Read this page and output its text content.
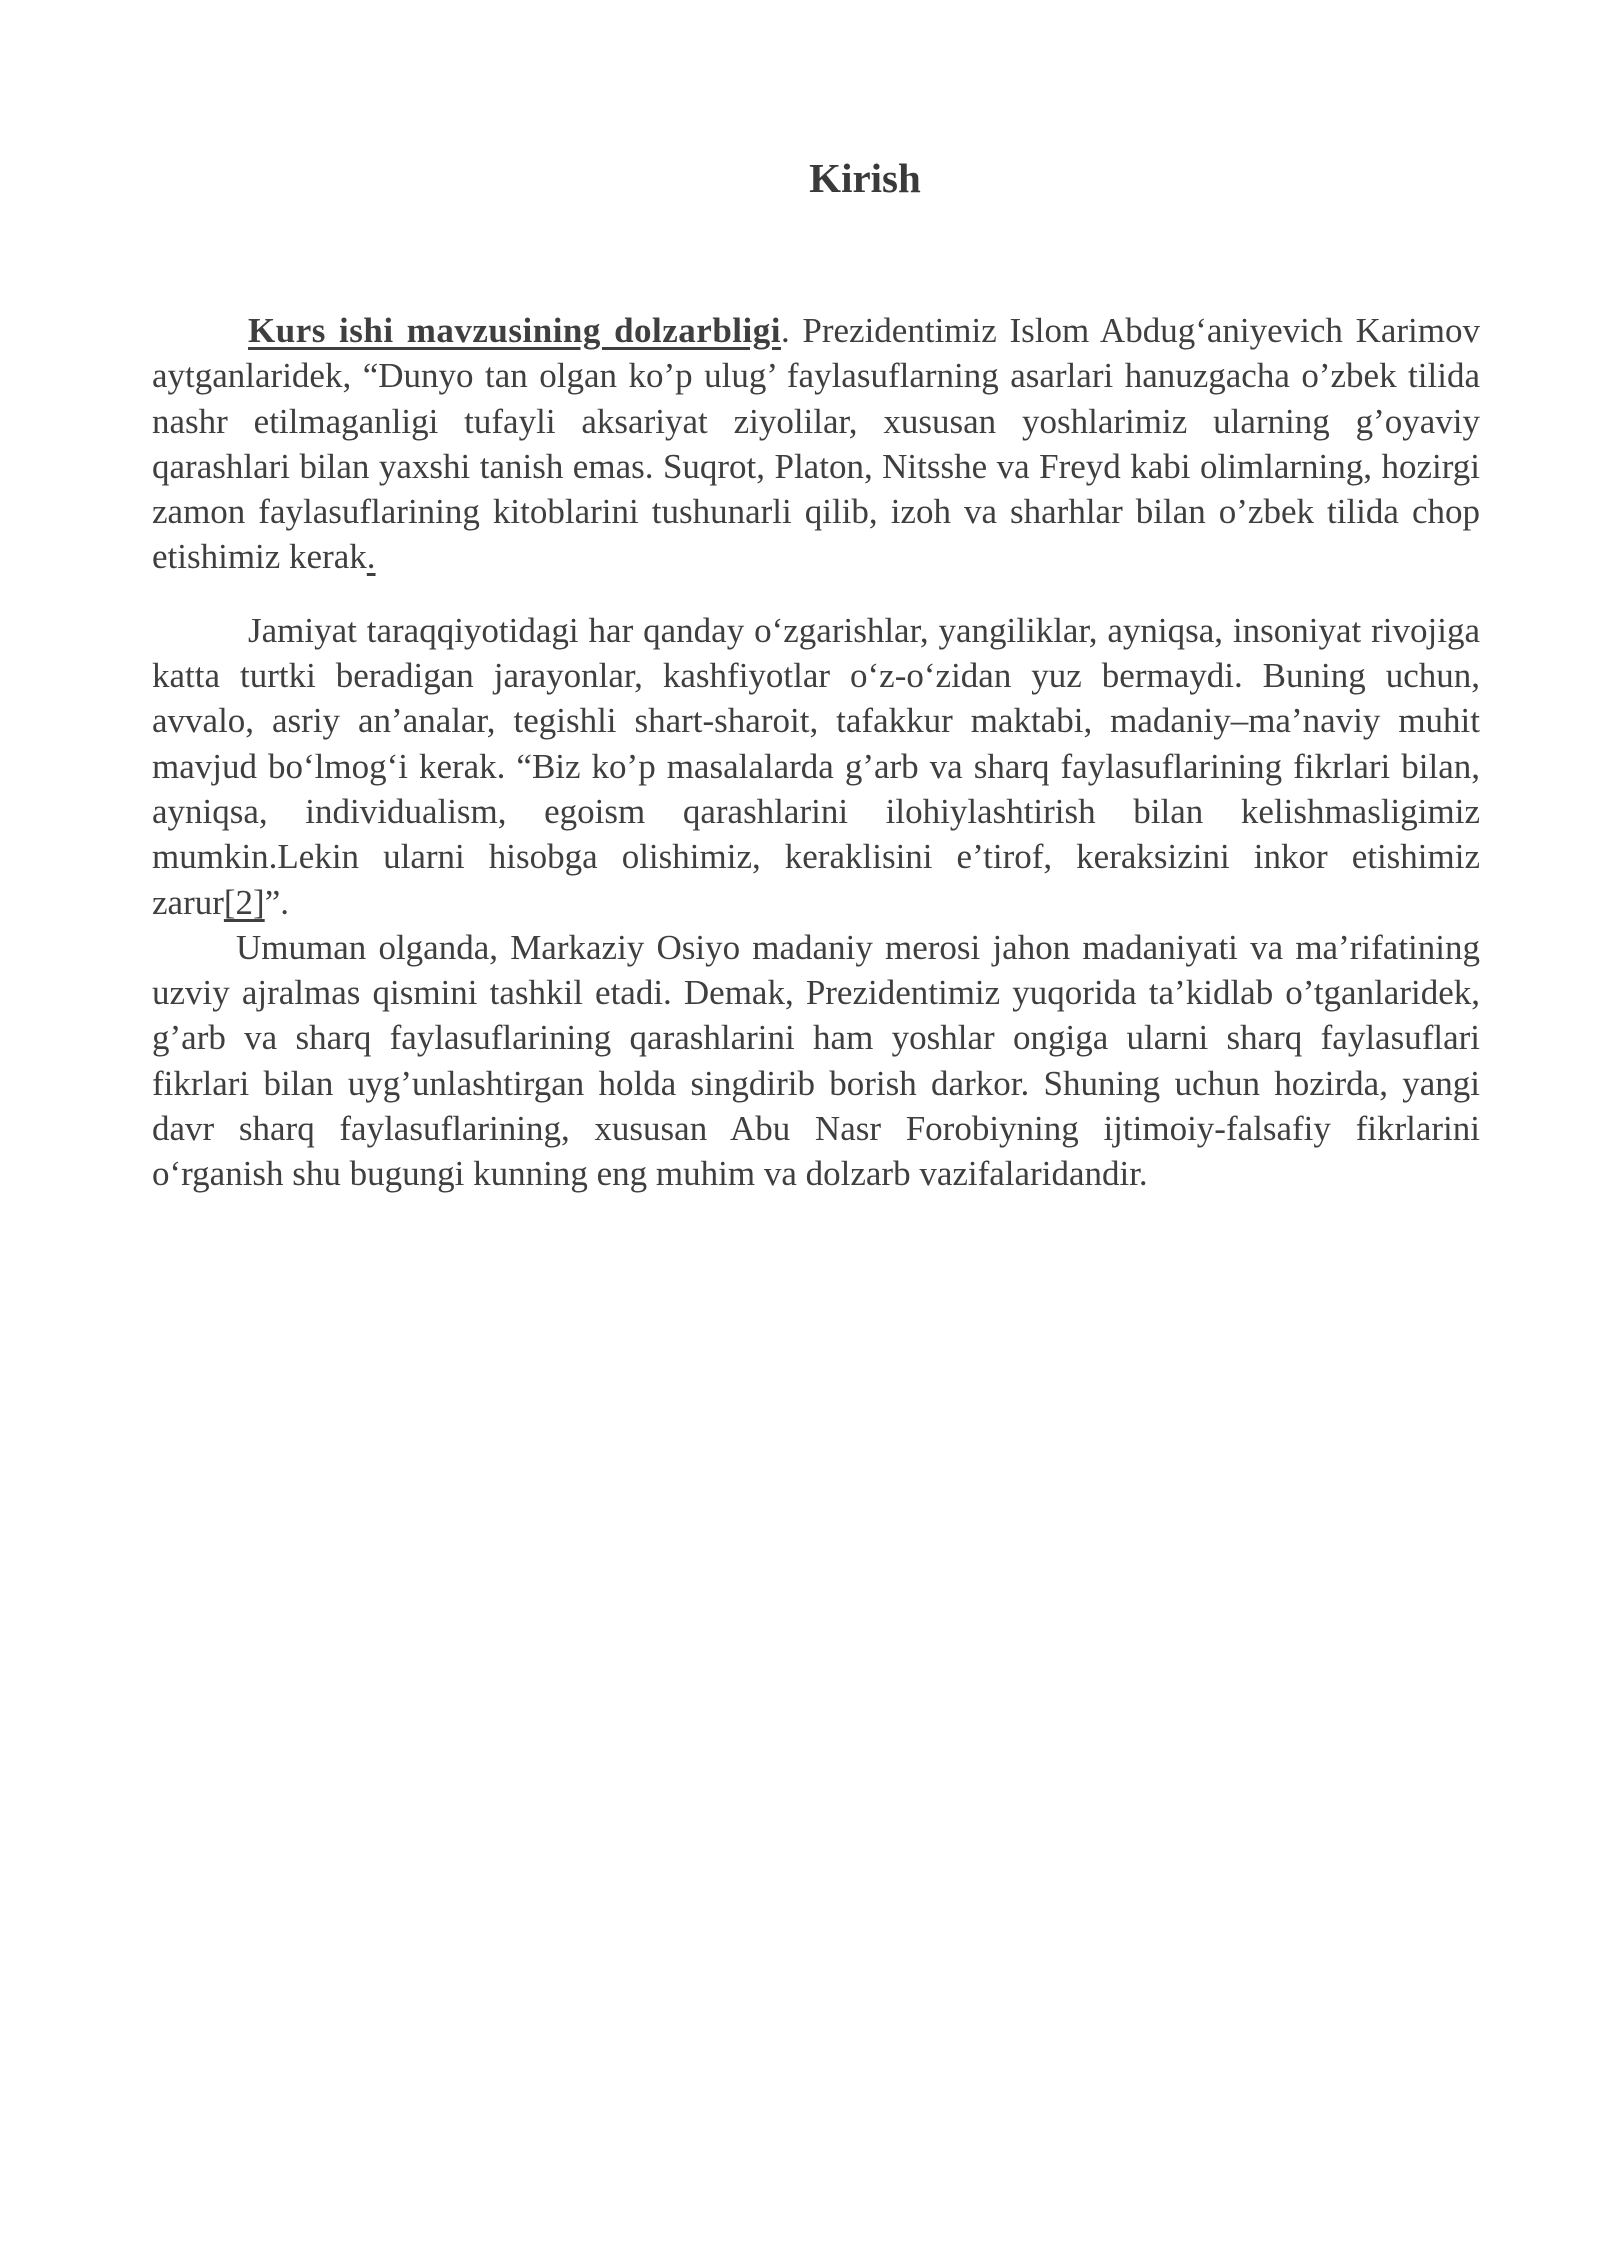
Kirish

Kurs ishi mavzusining dolzarbligi. Prezidentimiz Islom Abdug‘aniyevich Karimov aytganlaridek, “Dunyo tan olgan ko’p ulug’ faylasuflarning asarlari hanuzgacha o’zbek tilida nashr etilmaganligi tufayli aksariyat ziyolilar, xususan yoshlarimiz ularning g’oyaviy qarashlari bilan yaxshi tanish emas. Suqrot, Platon, Nitsshe va Freyd kabi olimlarning, hozirgi zamon faylasuflarining kitoblarini tushunarli qilib, izoh va sharhlar bilan o’zbek tilida chop etishimiz kerak.

Jamiyat taraqqiyotidagi har qanday o‘zgarishlar, yangiliklar, ayniqsa, insoniyat rivojiga katta turtki beradigan jarayonlar, kashfiyotlar o‘z-o‘zidan yuz bermaydi. Buning uchun, avvalo, asriy an’analar, tegishli shart-sharoit, tafakkur maktabi, madaniy–ma’naviy muhit mavjud bo‘lmog‘i kerak. “Biz ko’p masalalarda g’arb va sharq faylasuflarining fikrlari bilan, ayniqsa, individualism, egoism qarashlarini ilohiylashtirish bilan kelishmasligimiz mumkin.Lekin ularni hisobga olishimiz, keraklisini e’tirof, keraksizini inkor etishimiz zarur[2]”.

Umuman olganda, Markaziy Osiyo madaniy merosi jahon madaniyati va ma’rifatining uzviy ajralmas qismini tashkil etadi. Demak, Prezidentimiz yuqorida ta’kidlab o’tganlaridek, g’arb va sharq faylasuflarining qarashlarini ham yoshlar ongiga ularni sharq faylasuflari fikrlari bilan uyg’unlashtirgan holda singdirib borish darkor. Shuning uchun hozirda, yangi davr sharq faylasuflarining, xususan Abu Nasr Forobiyning ijtimoiy-falsafiy fikrlarini o‘rganish shu bugungi kunning eng muhim va dolzarb vazifalaridandir.
